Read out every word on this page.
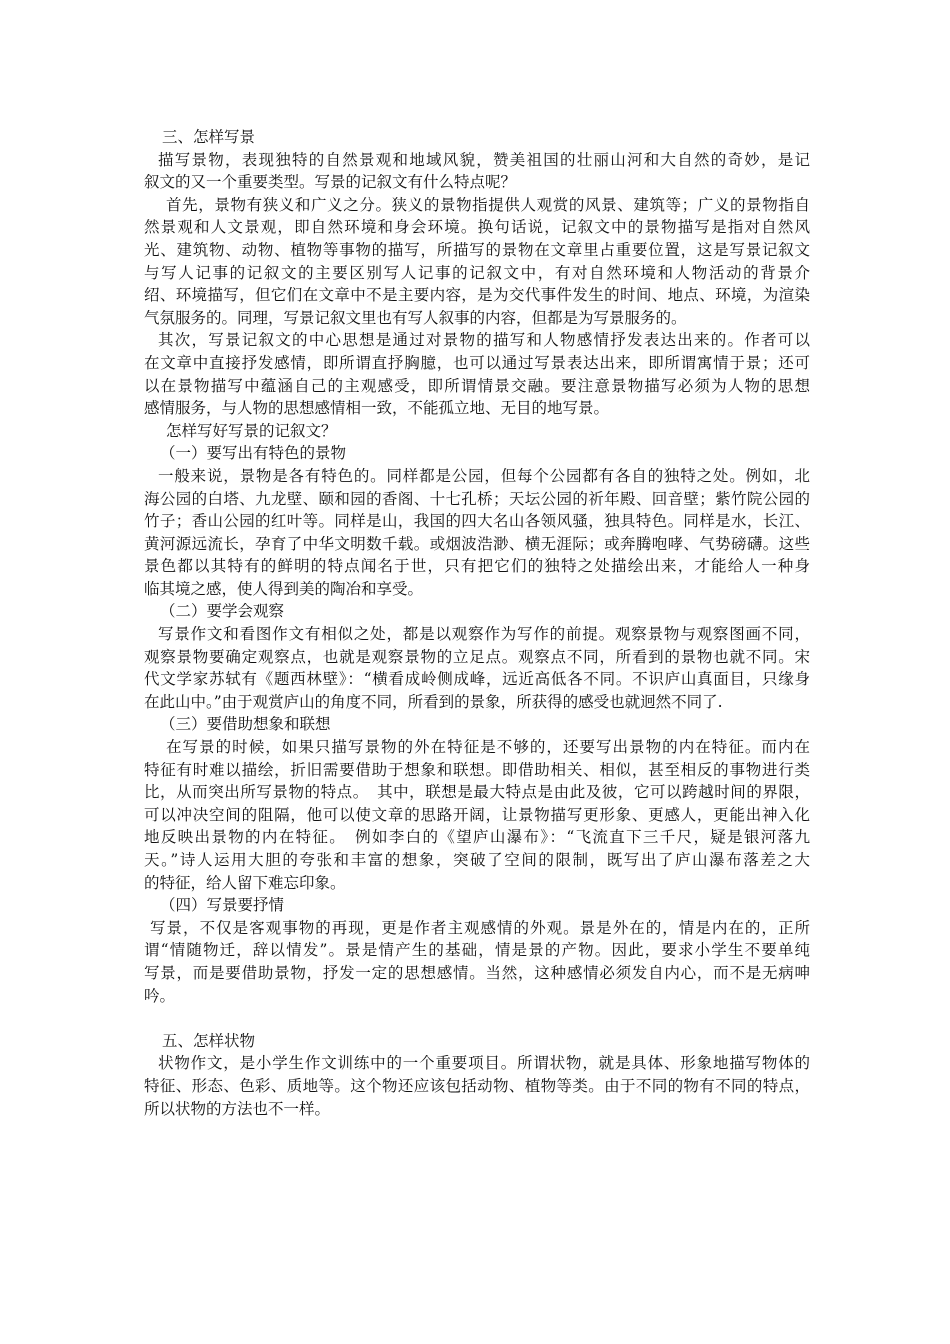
三、怎样写景
描写景物，表现独特的自然景观和地域风貌，赞美祖国的壮丽山河和大自然的奇妙，是记
叙文的又一个重要类型。写景的记叙文有什么特点呢？
首先，景物有狭义和广义之分。狭义的景物指提供人观赏的风景、建筑等；广义的景物指自
然景观和人文景观，即自然环境和身会环境。换句话说，记叙文中的景物描写是指对自然风
光、建筑物、动物、植物等事物的描写，所描写的景物在文章里占重要位置，这是写景记叙文
与写人记事的记叙文的主要区别写人记事的记叙文中，有对自然环境和人物活动的背景介
绍、环境描写，但它们在文章中不是主要内容，是为交代事件发生的时间、地点、环境，为渲染
气氛服务的。同理，写景记叙文里也有写人叙事的内容，但都是为写景服务的。
其次，写景记叙文的中心思想是通过对景物的描写和人物感情抒发表达出来的。作者可以
在文章中直接抒发感情，即所谓直抒胸臆，也可以通过写景表达出来，即所谓寓情于景；还可
以在景物描写中蕴涵自己的主观感受，即所谓情景交融。要注意景物描写必须为人物的思想
感情服务，与人物的思想感情相一致，不能孤立地、无目的地写景。
怎样写好写景的记叙文？
（一）要写出有特色的景物
一般来说，景物是各有特色的。同样都是公园，但每个公园都有各自的独特之处。例如，北
海公园的白塔、九龙壁、颐和园的香阁、十七孔桥；天坛公园的祈年殿、回音壁；紫竹院公园的
竹子；香山公园的红叶等。同样是山，我国的四大名山各领风骚，独具特色。同样是水，长江、
黄河源远流长，孕育了中华文明数千载。或烟波浩渺、横无涯际；或奔腾咆哮、气势磅礴。这些
景色都以其特有的鲜明的特点闻名于世，只有把它们的独特之处描绘出来，才能给人一种身
临其境之感，使人得到美的陶冶和享受。
（二）要学会观察
写景作文和看图作文有相似之处，都是以观察作为写作的前提。观察景物与观察图画不同，
观察景物要确定观察点，也就是观察景物的立足点。观察点不同，所看到的景物也就不同。宋
代文学家苏轼有《题西林壁》：“横看成岭侧成峰，远近高低各不同。不识庐山真面目，只缘身
在此山中。”由于观赏庐山的角度不同，所看到的景象，所获得的感受也就迥然不同了.
（三）要借助想象和联想
在写景的时候，如果只描写景物的外在特征是不够的，还要写出景物的内在特征。而内在
特征有时难以描绘，折旧需要借助于想象和联想。即借助相关、相似，甚至相反的事物进行类
比，从而突出所写景物的特点。　其中，联想是最大特点是由此及彼，它可以跨越时间的界限，
可以冲决空间的阻隔，他可以使文章的思路开阔，让景物描写更形象、更感人，更能出神入化
地反映出景物的内在特征。　例如李白的《望庐山瀑布》：“飞流直下三千尺，疑是银河落九
天。”诗人运用大胆的夸张和丰富的想象，突破了空间的限制，既写出了庐山瀑布落差之大
的特征，给人留下难忘印象。
（四）写景要抒情
写景，不仅是客观事物的再现，更是作者主观感情的外观。景是外在的，情是内在的，正所
谓“情随物迁，辞以情发”。景是情产生的基础，情是景的产物。因此，要求小学生不要单纯
写景，而是要借助景物，抒发一定的思想感情。当然，这种感情必须发自内心，而不是无病呻
吟。
五、怎样状物
状物作文，是小学生作文训练中的一个重要项目。所谓状物，就是具体、形象地描写物体的
特征、形态、色彩、质地等。这个物还应该包括动物、植物等类。由于不同的物有不同的特点，
所以状物的方法也不一样。
